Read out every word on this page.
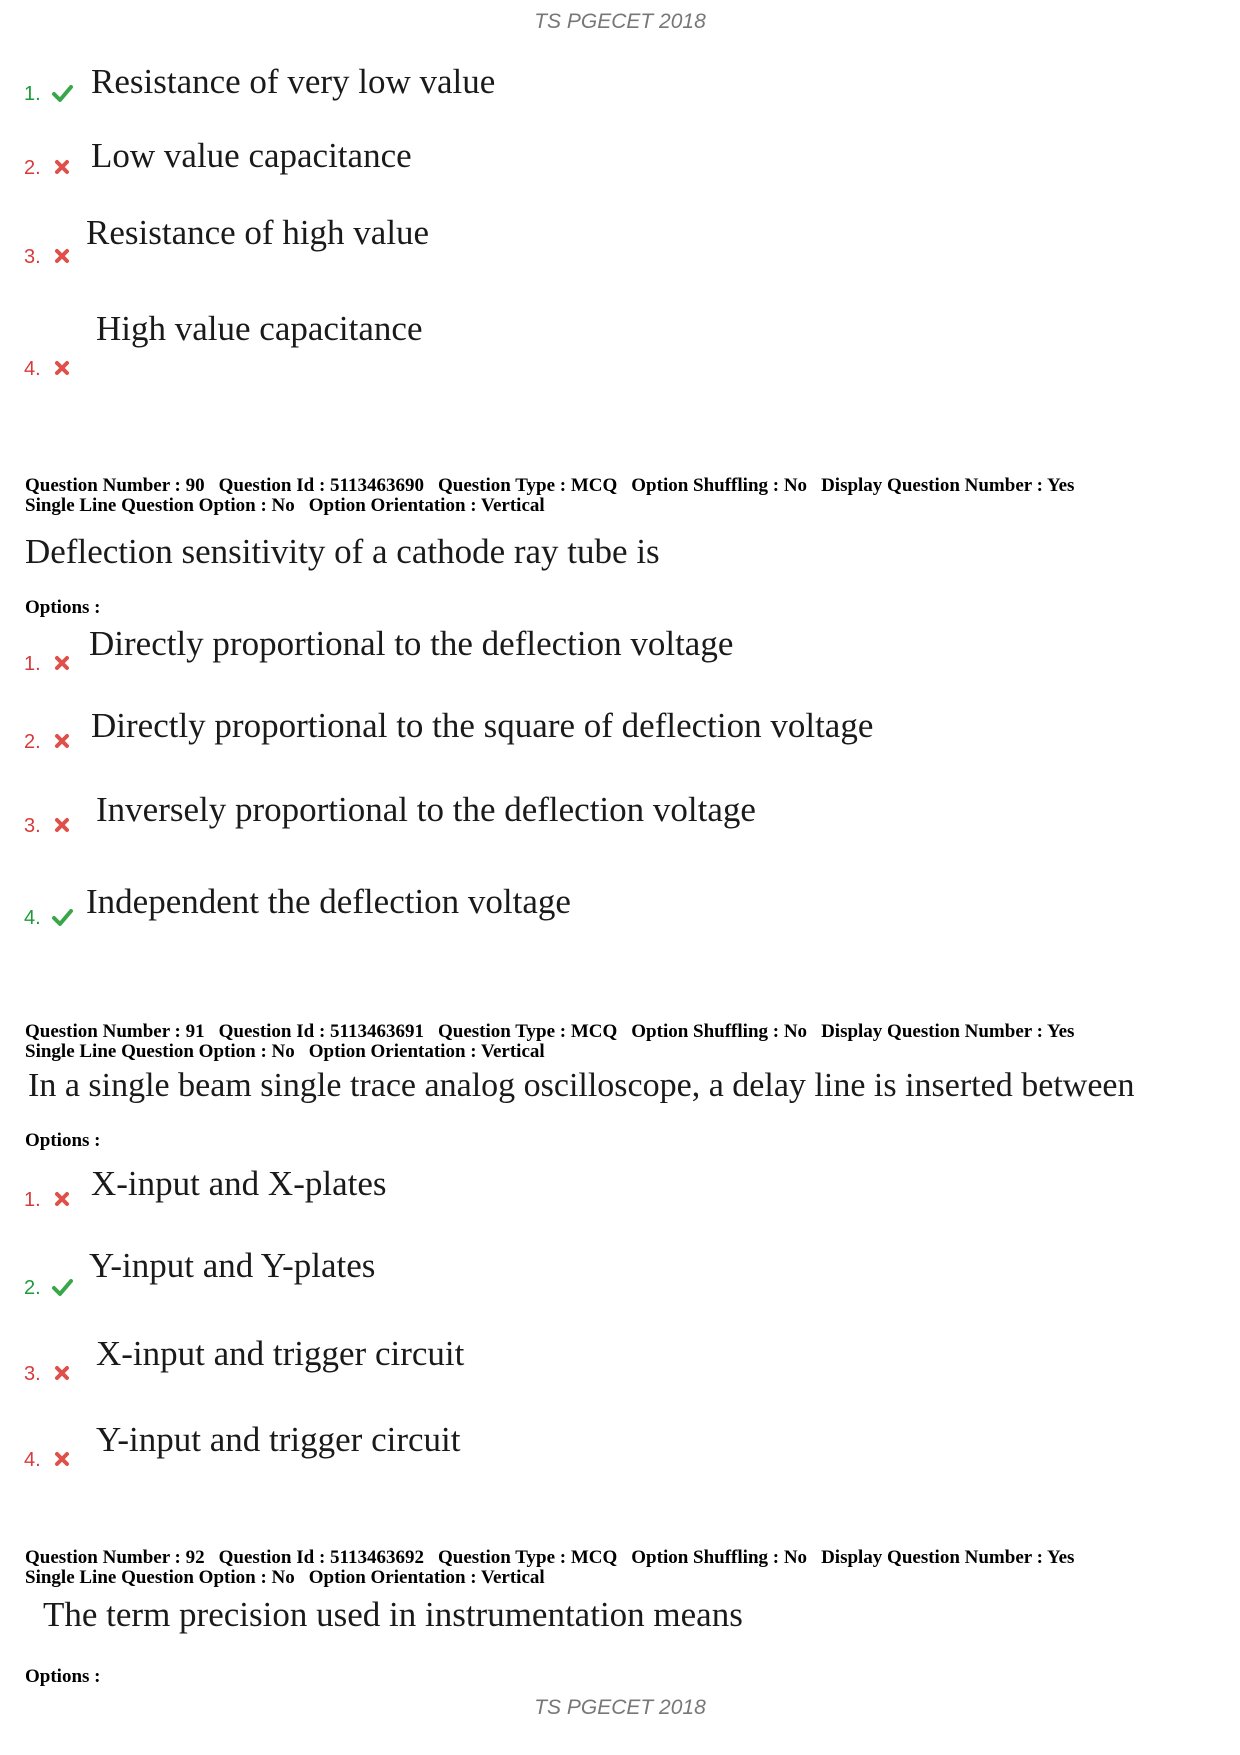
TS PGECET 2018
1. Resistance of very low value
2. Low value capacitance
3.
Resistance of high value
4.
High value capacitance
Question Number : 90 Question Id : 5113463690 Question Type : MCQ Option Shuffling : No Display Question Number : Yes
Single Line Question Option : No Option Orientation : Vertical
Deflection sensitivity of a cathode ray tube is
Options :
1.
Directly proportional to the deflection voltage
2. Directly proportional to the square of deflection voltage
3. Inversely proportional to the deflection voltage
4. Independent the deflection voltage
Question Number : 91 Question Id : 5113463691 Question Type : MCQ Option Shuffling : No Display Question Number : Yes
Single Line Question Option : No Option Orientation : Vertical
In a single beam single trace analog oscilloscope, a delay line is inserted between
Options :
1. X-input and X-plates
2.
Y-input and Y-plates
3.
X-input and trigger circuit
4.
Y-input and trigger circuit
Question Number : 92 Question Id : 5113463692 Question Type : MCQ Option Shuffling : No Display Question Number : Yes
Single Line Question Option : No Option Orientation : Vertical
The term precision used in instrumentation means
Options :
TS PGECET 2018
